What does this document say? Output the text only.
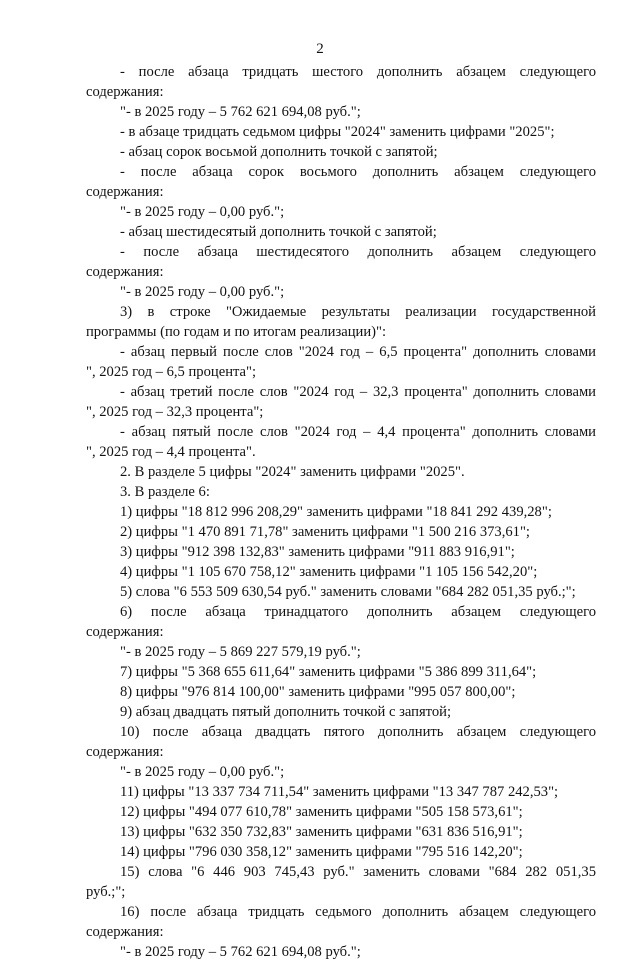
2
- после абзаца тридцать шестого дополнить абзацем следующего
содержания:
"- в 2025 году – 5 762 621 694,08 руб.";
- в абзаце тридцать седьмом цифры "2024" заменить цифрами "2025";
- абзац сорок восьмой дополнить точкой с запятой;
- после абзаца сорок восьмого дополнить абзацем следующего
содержания:
"- в 2025 году – 0,00 руб.";
- абзац шестидесятый дополнить точкой с запятой;
- после абзаца шестидесятого дополнить абзацем следующего
содержания:
"- в 2025 году – 0,00 руб.";
3) в строке "Ожидаемые результаты реализации государственной
программы (по годам и по итогам реализации)":
- абзац первый после слов "2024 год – 6,5 процента" дополнить словами
", 2025 год – 6,5 процента";
- абзац третий после слов "2024 год – 32,3 процента" дополнить словами
", 2025 год – 32,3 процента";
- абзац пятый после слов "2024 год – 4,4 процента" дополнить словами
", 2025 год – 4,4 процента".
2. В разделе 5 цифры "2024" заменить цифрами "2025".
3. В разделе 6:
1) цифры "18 812 996 208,29" заменить цифрами "18 841 292 439,28";
2) цифры "1 470 891 71,78" заменить цифрами "1 500 216 373,61";
3) цифры "912 398 132,83" заменить цифрами "911 883 916,91";
4) цифры "1 105 670 758,12" заменить цифрами "1 105 156 542,20";
5) слова "6 553 509 630,54 руб." заменить словами "684 282 051,35 руб.;";
6) после абзаца тринадцатого дополнить абзацем следующего
содержания:
"- в 2025 году – 5 869 227 579,19 руб.";
7) цифры "5 368 655 611,64" заменить цифрами "5 386 899 311,64";
8) цифры "976 814 100,00" заменить цифрами "995 057 800,00";
9) абзац двадцать пятый дополнить точкой с запятой;
10) после абзаца двадцать пятого дополнить абзацем следующего
содержания:
"- в 2025 году – 0,00 руб.";
11) цифры "13 337 734 711,54" заменить цифрами "13 347 787 242,53";
12) цифры "494 077 610,78" заменить цифрами "505 158 573,61";
13) цифры "632 350 732,83" заменить цифрами "631 836 516,91";
14) цифры "796 030 358,12" заменить цифрами "795 516 142,20";
15) слова "6 446 903 745,43 руб." заменить словами "684 282 051,35
руб.;";
16) после абзаца тридцать седьмого дополнить абзацем следующего
содержания:
"- в 2025 году – 5 762 621 694,08 руб.";
